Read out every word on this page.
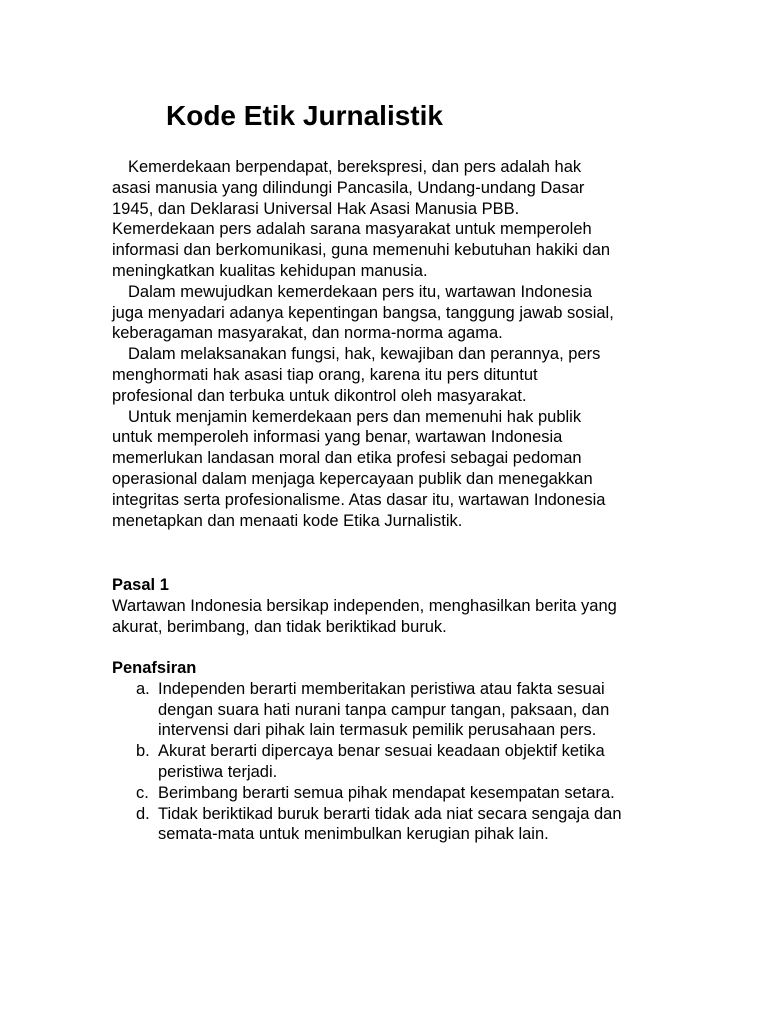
Kode Etik Jurnalistik

Kemerdekaan berpendapat, berekspresi, dan pers adalah hak
asasi manusia yang dilindungi Pancasila, Undang-undang Dasar
1945, dan Deklarasi Universal Hak Asasi Manusia PBB.
Kemerdekaan pers adalah sarana masyarakat untuk memperoleh
informasi dan berkomunikasi, guna memenuhi kebutuhan hakiki dan
meningkatkan kualitas kehidupan manusia.

Dalam mewujudkan kemerdekaan pers itu, wartawan Indonesia
juga menyadari adanya kepentingan bangsa, tanggung jawab sosial,
keberagaman masyarakat, dan norma-norma agama.

Dalam melaksanakan fungsi, hak, kewajiban dan perannya, pers
menghormati hak asasi tiap orang, karena itu pers dituntut
profesional dan terbuka untuk dikontrol oleh masyarakat.

Untuk menjamin kemerdekaan pers dan memenuhi hak publik
untuk memperoleh informasi yang benar, wartawan Indonesia
memerlukan landasan moral dan etika profesi sebagai pedoman
operasional dalam menjaga kepercayaan publik dan menegakkan
integritas serta profesionalisme. Atas dasar itu, wartawan Indonesia
menetapkan dan menaati kode Etika Jurnalistik.

Pasal 1
Wartawan Indonesia bersikap independen, menghasilkan berita yang
akurat, berimbang, dan tidak beriktikad buruk.
Penafsiran
a. Independen berarti memberitakan peristiwa atau fakta sesuai
dengan suara hati nurani tanpa campur tangan, paksaan, dan
intervensi dari pihak lain termasuk pemilik perusahaan pers.
b. Akurat berarti dipercaya benar sesuai keadaan objektif ketika
peristiwa terjadi.
c. Berimbang berarti semua pihak mendapat kesempatan setara.
d. Tidak beriktikad buruk berarti tidak ada niat secara sengaja dan
semata-mata untuk menimbulkan kerugian pihak lain.
